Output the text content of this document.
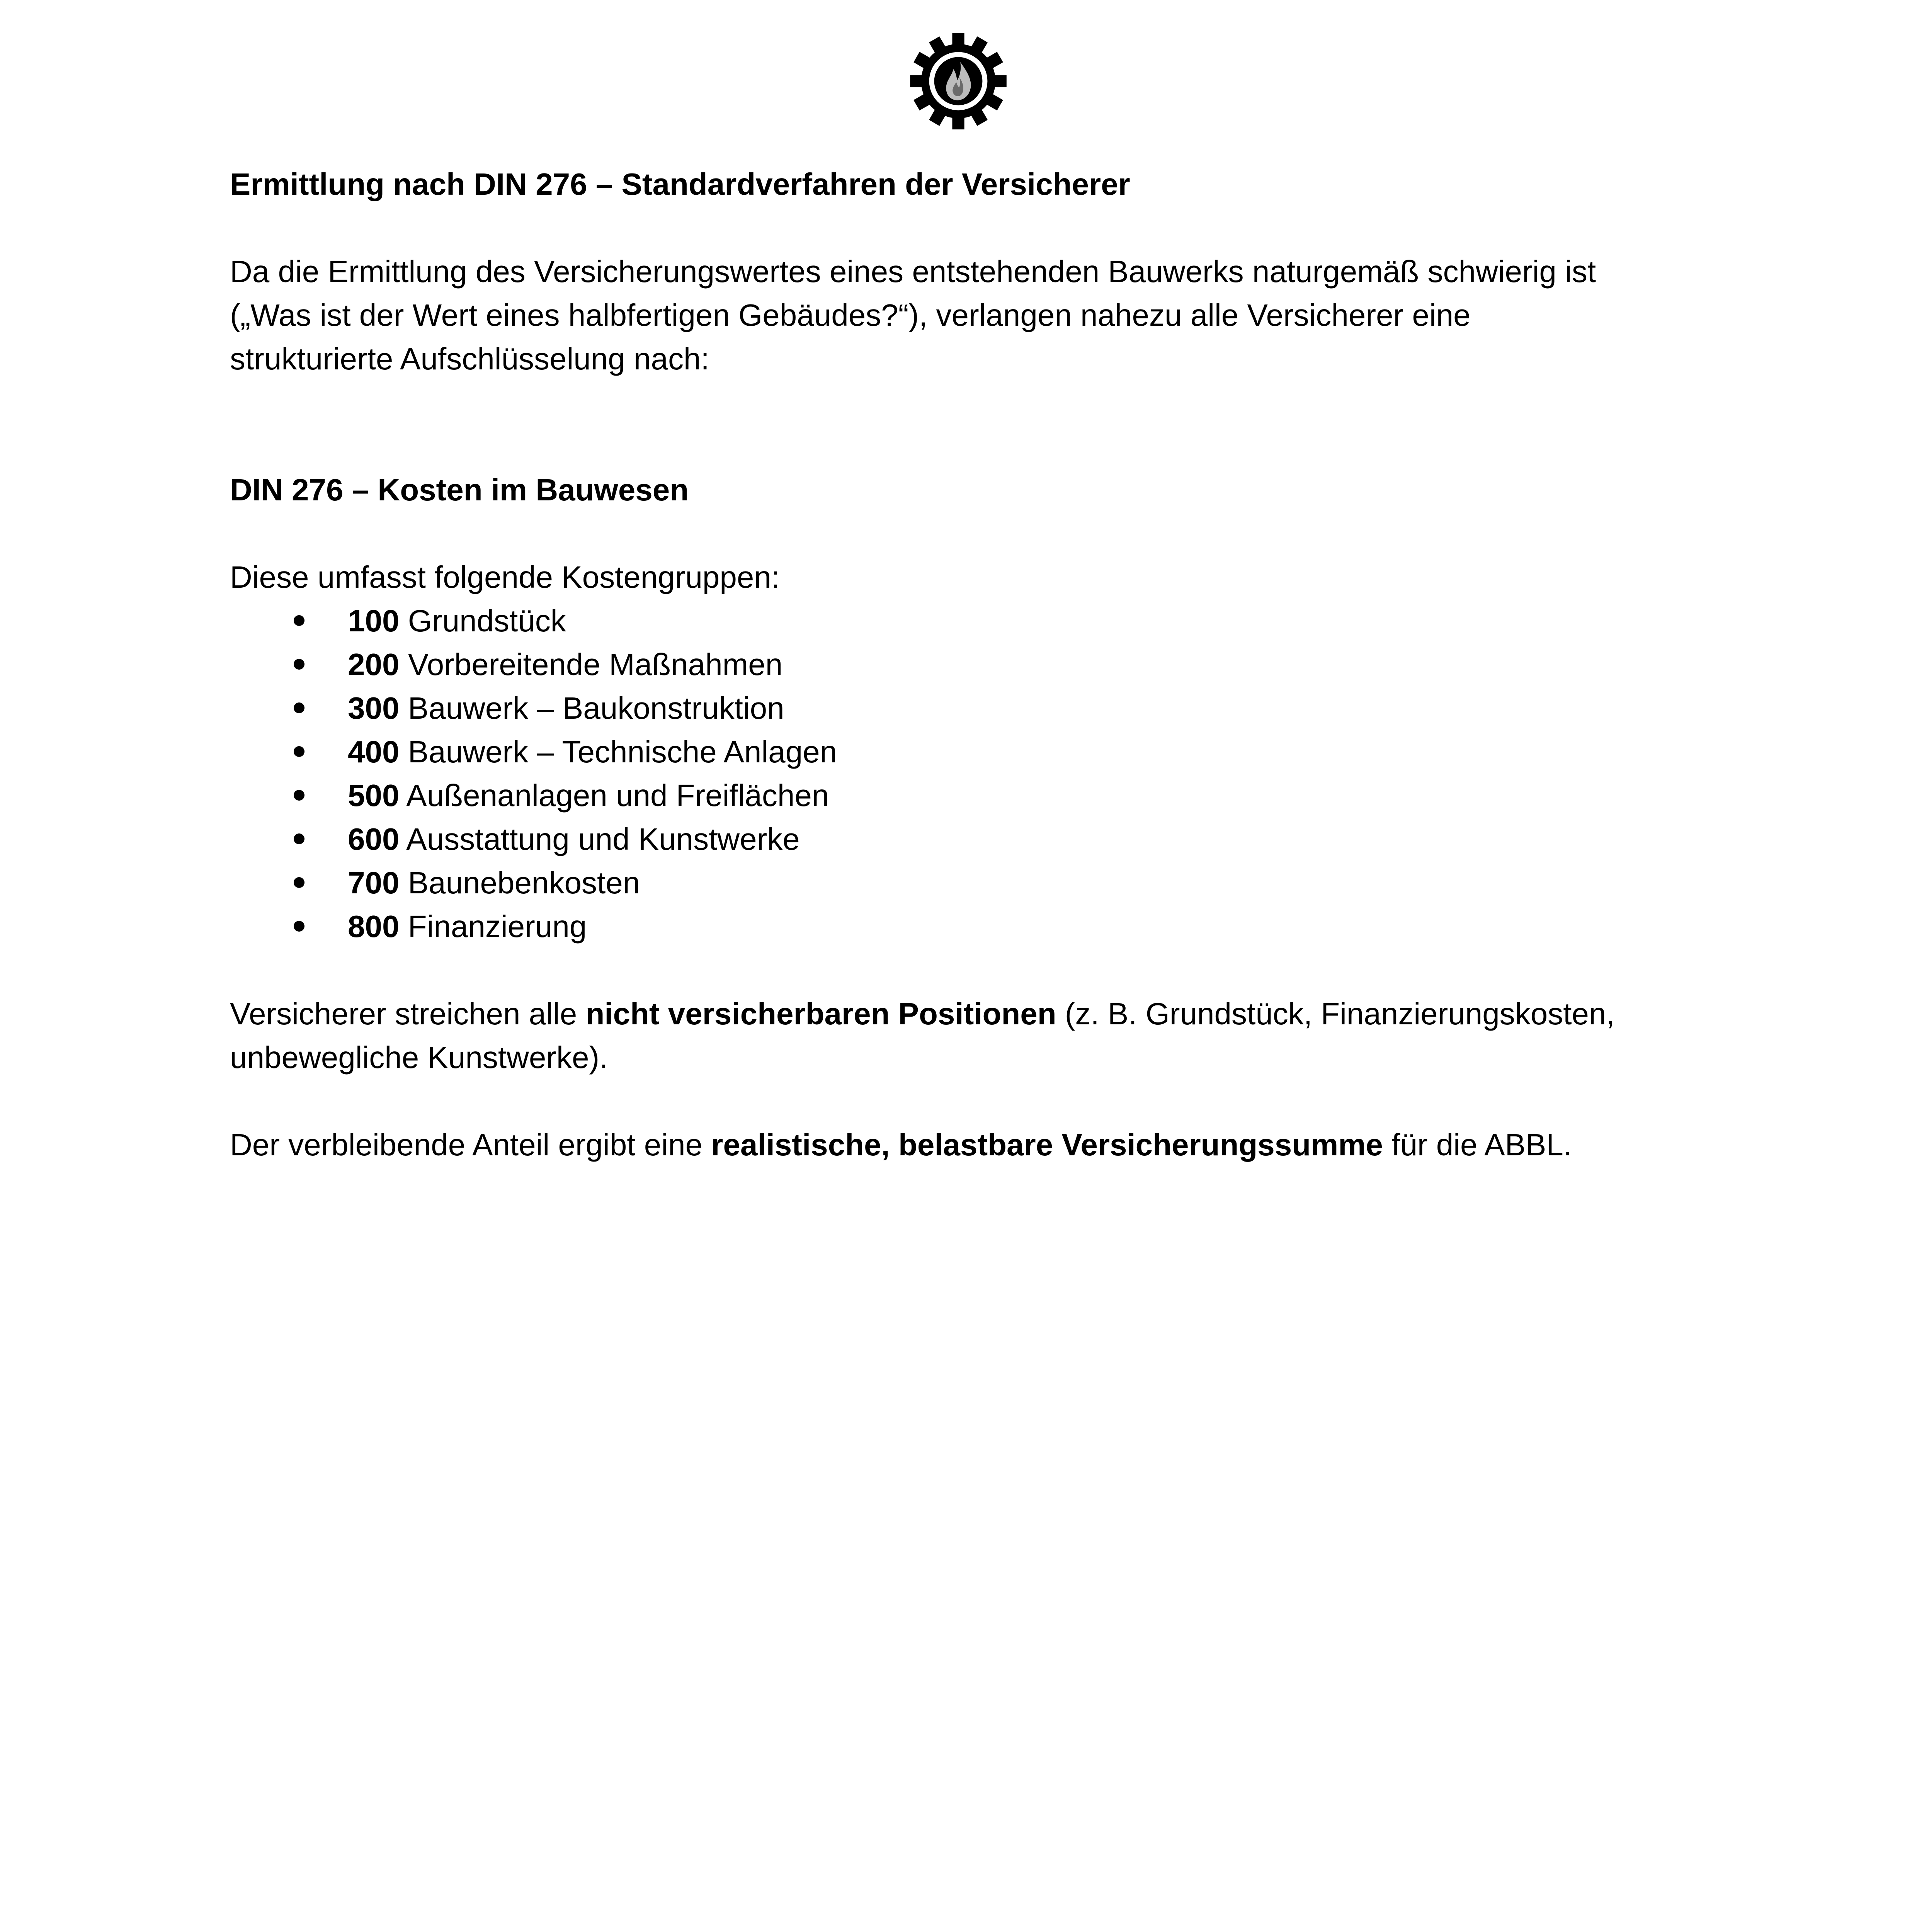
Ermittlung nach DIN 276 – Standardverfahren der Versicherer

Da die Ermittlung des Versicherungswertes eines entstehenden Bauwerks naturgemäß schwierig ist

(„Was ist der Wert eines halbfertigen Gebäudes?“), verlangen nahezu alle Versicherer eine

strukturierte Aufschlüsselung nach:

DIN 276 – Kosten im Bauwesen

Diese umfasst folgende Kostengruppen:

100 Grundstück
200 Vorbereitende Maßnahmen
300 Bauwerk – Baukonstruktion
400 Bauwerk – Technische Anlagen
500 Außenanlagen und Freiflächen
600 Ausstattung und Kunstwerke
700 Baunebenkosten
800 Finanzierung

Versicherer streichen alle nicht versicherbaren Positionen (z. B. Grundstück, Finanzierungskosten,

unbewegliche Kunstwerke).

Der verbleibende Anteil ergibt eine realistische, belastbare Versicherungssumme für die ABBL.
